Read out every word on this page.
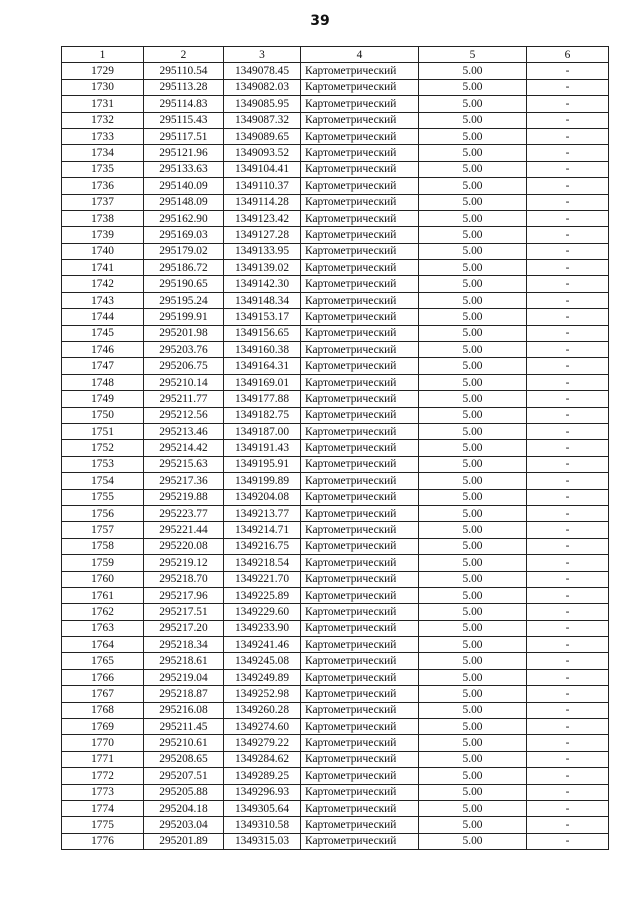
39
1	2	3	4	5	6
1729	295110.54	1349078.45	Картометрический	5.00	-
1730	295113.28	1349082.03	Картометрический	5.00	-
1731	295114.83	1349085.95	Картометрический	5.00	-
1732	295115.43	1349087.32	Картометрический	5.00	-
1733	295117.51	1349089.65	Картометрический	5.00	-
1734	295121.96	1349093.52	Картометрический	5.00	-
1735	295133.63	1349104.41	Картометрический	5.00	-
1736	295140.09	1349110.37	Картометрический	5.00	-
1737	295148.09	1349114.28	Картометрический	5.00	-
1738	295162.90	1349123.42	Картометрический	5.00	-
1739	295169.03	1349127.28	Картометрический	5.00	-
1740	295179.02	1349133.95	Картометрический	5.00	-
1741	295186.72	1349139.02	Картометрический	5.00	-
1742	295190.65	1349142.30	Картометрический	5.00	-
1743	295195.24	1349148.34	Картометрический	5.00	-
1744	295199.91	1349153.17	Картометрический	5.00	-
1745	295201.98	1349156.65	Картометрический	5.00	-
1746	295203.76	1349160.38	Картометрический	5.00	-
1747	295206.75	1349164.31	Картометрический	5.00	-
1748	295210.14	1349169.01	Картометрический	5.00	-
1749	295211.77	1349177.88	Картометрический	5.00	-
1750	295212.56	1349182.75	Картометрический	5.00	-
1751	295213.46	1349187.00	Картометрический	5.00	-
1752	295214.42	1349191.43	Картометрический	5.00	-
1753	295215.63	1349195.91	Картометрический	5.00	-
1754	295217.36	1349199.89	Картометрический	5.00	-
1755	295219.88	1349204.08	Картометрический	5.00	-
1756	295223.77	1349213.77	Картометрический	5.00	-
1757	295221.44	1349214.71	Картометрический	5.00	-
1758	295220.08	1349216.75	Картометрический	5.00	-
1759	295219.12	1349218.54	Картометрический	5.00	-
1760	295218.70	1349221.70	Картометрический	5.00	-
1761	295217.96	1349225.89	Картометрический	5.00	-
1762	295217.51	1349229.60	Картометрический	5.00	-
1763	295217.20	1349233.90	Картометрический	5.00	-
1764	295218.34	1349241.46	Картометрический	5.00	-
1765	295218.61	1349245.08	Картометрический	5.00	-
1766	295219.04	1349249.89	Картометрический	5.00	-
1767	295218.87	1349252.98	Картометрический	5.00	-
1768	295216.08	1349260.28	Картометрический	5.00	-
1769	295211.45	1349274.60	Картометрический	5.00	-
1770	295210.61	1349279.22	Картометрический	5.00	-
1771	295208.65	1349284.62	Картометрический	5.00	-
1772	295207.51	1349289.25	Картометрический	5.00	-
1773	295205.88	1349296.93	Картометрический	5.00	-
1774	295204.18	1349305.64	Картометрический	5.00	-
1775	295203.04	1349310.58	Картометрический	5.00	-
1776	295201.89	1349315.03	Картометрический	5.00	-
